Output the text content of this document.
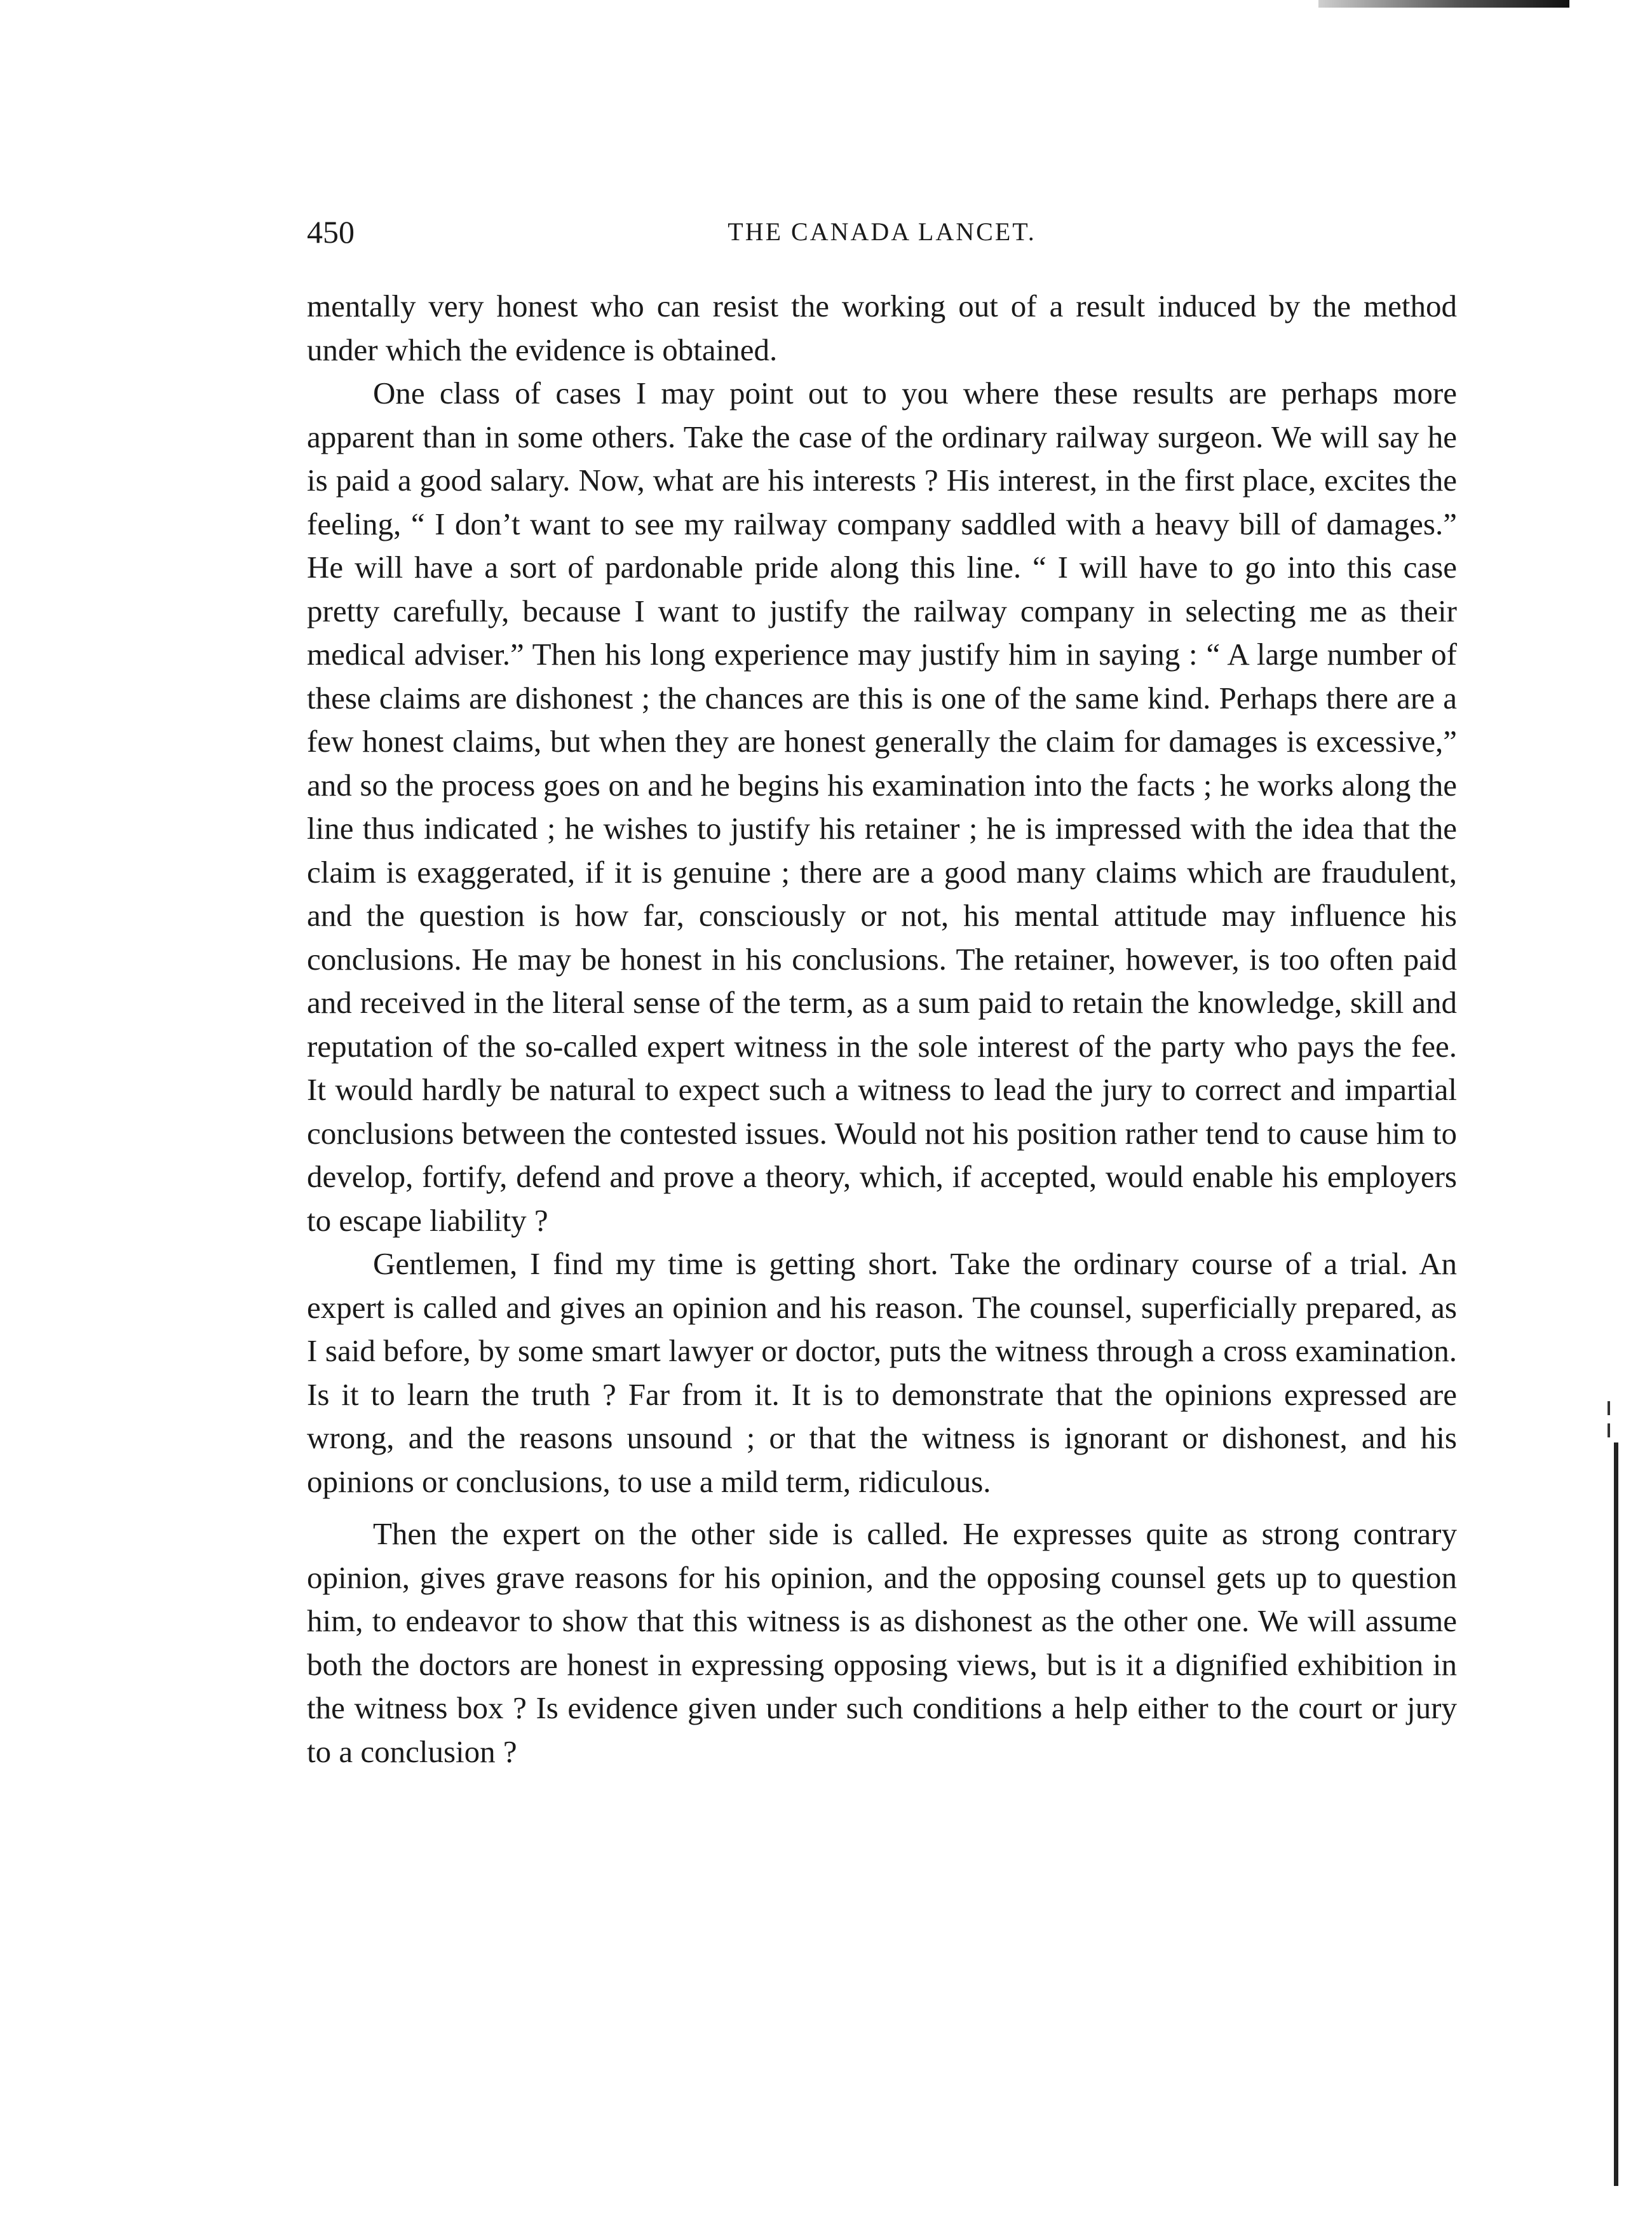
450	THE CANADA LANCET.

mentally very honest who can resist the working out of a result induced by the method under which the evidence is obtained.

One class of cases I may point out to you where these results are perhaps more apparent than in some others. Take the case of the ordinary railway surgeon. We will say he is paid a good salary. Now, what are his interests ? His interest, in the first place, excites the feeling, “ I don’t want to see my railway company saddled with a heavy bill of damages.” He will have a sort of pardonable pride along this line. “ I will have to go into this case pretty carefully, because I want to justify the railway company in selecting me as their medical adviser.” Then his long experience may justify him in saying : “ A large number of these claims are dishonest ; the chances are this is one of the same kind. Perhaps there are a few honest claims, but when they are honest generally the claim for damages is excessive,” and so the process goes on and he begins his examination into the facts ; he works along the line thus indicated ; he wishes to justify his retainer ; he is impressed with the idea that the claim is exaggerated, if it is genuine ; there are a good many claims which are fraudulent, and the question is how far, consciously or not, his mental attitude may influence his conclusions. He may be honest in his conclusions. The retainer, however, is too often paid and received in the literal sense of the term, as a sum paid to retain the knowledge, skill and reputation of the so-called expert witness in the sole interest of the party who pays the fee. It would hardly be natural to expect such a witness to lead the jury to correct and impartial conclusions between the contested issues. Would not his position rather tend to cause him to develop, fortify, defend and prove a theory, which, if accepted, would enable his employers to escape liability ?

Gentlemen, I find my time is getting short. Take the ordinary course of a trial. An expert is called and gives an opinion and his reason. The counsel, superficially prepared, as I said before, by some smart lawyer or doctor, puts the witness through a cross examination. Is it to learn the truth ? Far from it. It is to demonstrate that the opinions expressed are wrong, and the reasons unsound ; or that the witness is ignorant or dishonest, and his opinions or conclusions, to use a mild term, ridiculous.

Then the expert on the other side is called. He expresses quite as strong contrary opinion, gives grave reasons for his opinion, and the opposing counsel gets up to question him, to endeavor to show that this witness is as dishonest as the other one. We will assume both the doctors are honest in expressing opposing views, but is it a dignified exhibition in the witness box ? Is evidence given under such conditions a help either to the court or jury to a conclusion ?
